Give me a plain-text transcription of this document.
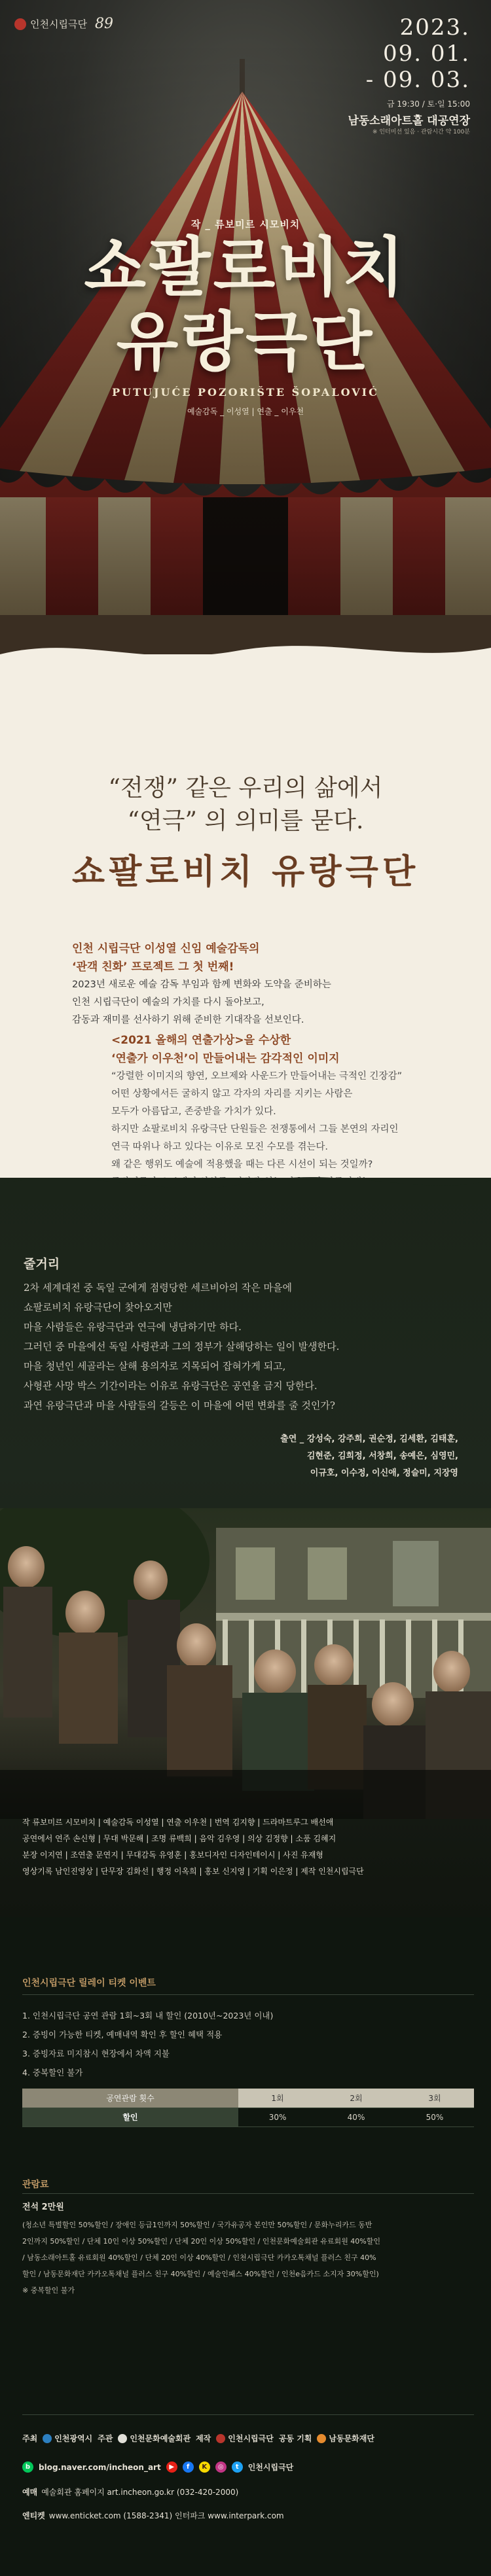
인천시립극단 89	2023.
09. 01.
- 09. 03.
금 19:30 / 토·일 15:00
남동소래아트홀 대공연장
※ 인터미션 있음 · 관람시간 약 100분
작 _ 류보미르 시모비치
쇼팔로비치
유랑극단
PUTUJUĆE POZORIŠTE ŠOPALOVIĆ
예술감독 _ 이성열 | 연출 _ 이우천
“전쟁” 같은 우리의 삶에서
“연극” 의 의미를 묻다.
쇼팔로비치 유랑극단
인천 시립극단 이성열 신임 예술감독의
‘관객 친화’ 프로젝트 그 첫 번째!
2023년 새로운 예술 감독 부임과 함께 변화와 도약을 준비하는
인천 시립극단이 예술의 가치를 다시 돌아보고,
감동과 재미를 선사하기 위해 준비한 기대작을 선보인다.
<2021 올해의 연출가상>을 수상한
‘연출가 이우천’이 만들어내는 감각적인 이미지
“강렬한 이미지의 향연, 오브제와 사운드가 만들어내는 극적인 긴장감”
어떤 상황에서든 굴하지 않고 각자의 자리를 지키는 사람은
모두가 아름답고, 존중받을 가치가 있다.
하지만 쇼팔로비치 유랑극단 단원들은 전쟁통에서 그들 본연의 자리인
연극 따위나 하고 있다는 이유로 모진 수모를 겪는다.
왜 같은 행위도 예술에 적용했을 때는 다른 시선이 되는 것일까?
줄거리
2차 세계대전 중 독일 군에게 점령당한 세르비아의 작은 마을에
쇼팔로비치 유랑극단이 찾아오지만
마을 사람들은 유랑극단과 연극에 냉담하기만 하다.
그러던 중 마을에선 독일 사령관과 그의 정부가 살해당하는 일이 발생한다.
마을 청년인 세골라는 살해 용의자로 지목되어 잡혀가게 되고,
사형관 사망 박스 기간이라는 이유로 유랑극단은 공연을 금지 당한다.
과연 유랑극단과 마을 사람들의 갈등은 이 마을에 어떤 변화를 줄 것인가?
출연 _ 강성숙, 강주희, 권순정, 김세환, 김태훈,
김현준, 김희정, 서창희, 송예은, 심영민,
이규호, 이수정, 이신애, 정슬미, 지장영
작 류보미르 시모비치 | 예술감독 이성열 | 연출 이우천 | 번역 김지향 | 드라마트루그 배선애
공연에서 연주 손신형 | 무대 박문해 | 조명 류백희 | 음악 김우영 | 의상 김정향 | 소품 김혜지
분장 이지연 | 조연출 문연지 | 무대감독 유영훈 | 홍보디자인 디자인테이시 | 사진 유재형
영상기록 남인진영상 | 단무장 김화선 | 행정 이옥희 | 홍보 신지영 | 기획 이은정 | 제작 인천시립극단
인천시립극단 릴레이 티켓 이벤트
1. 인천시립극단 공연 관람 1회~3회 내 할인 (2010년~2023년 이내)
2. 증빙이 가능한 티켓, 예매내역 확인 후 할인 혜택 적용
3. 증빙자료 미지참시 현장에서 차액 지불
4. 중복할인 불가
공연관람 횟수	1회	2회	3회
할인	30%	40%	50%
관람료
전석 2만원
(청소년 특별할인 50%할인 / 장애인 등급1인까지 50%할인 / 국가유공자 본인만 50%할인 / 문화누리카드 동반
2인까지 50%할인 / 단체 10인 이상 50%할인 / 단체 20인 이상 50%할인 / 인천문화예술회관 유료회원 40%할인
/ 남동소래아트홀 유료회원 40%할인 / 단체 20인 이상 40%할인 / 인천시립극단 카카오톡채널 플러스 친구 40%
할인 / 남동문화재단 카카오톡채널 플러스 친구 40%할인 / 예술인패스 40%할인 / 인천e음카드 소지자 30%할인)
※ 중복할인 불가
주최 인천광역시 주관 인천문화예술회관 제작 인천시립극단 공동 기획 남동문화재단
b	blog.naver.com/incheon_art	▶	f	K	◎	t	인천시립극단
예매 예술회관 홈페이지 art.incheon.go.kr (032-420-2000)
엔티켓 www.enticket.com (1588-2341) 인터파크 www.interpark.com
